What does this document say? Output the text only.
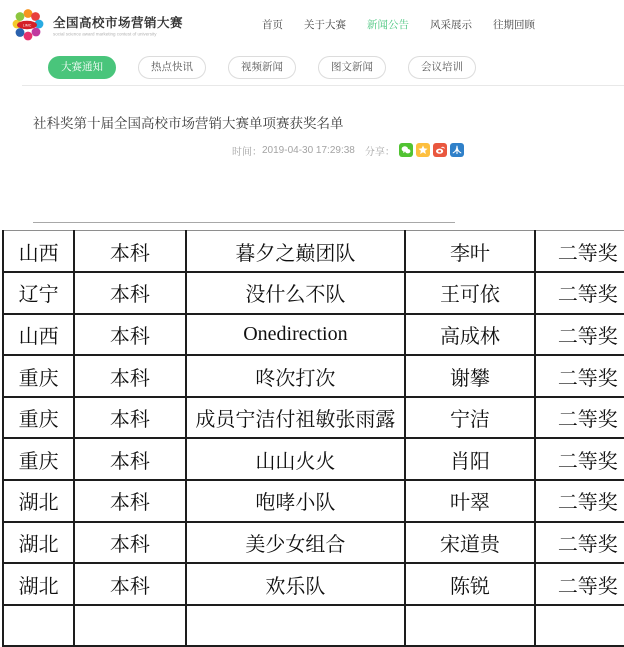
LIMC 全国高校市场营销大赛
social science award marketing contest of university
首页 关于大赛 新闻公告 风采展示 往期回顾
大赛通知	热点快讯	视频新闻	图文新闻	会议培训
社科奖第十届全国高校市场营销大赛单项赛获奖名单
时间： 2019-04-30 17:29:38 分享：
山西	本科	暮夕之巅团队	李叶	二等奖
辽宁	本科	没什么不队	王可依	二等奖
山西	本科	Onedirection	高成林	二等奖
重庆	本科	咚次打次	谢攀	二等奖
重庆	本科	成员宁洁付祖敏张雨露	宁洁	二等奖
重庆	本科	山山火火	肖阳	二等奖
湖北	本科	咆哮小队	叶翠	二等奖
湖北	本科	美少女组合	宋道贵	二等奖
湖北	本科	欢乐队	陈锐	二等奖
